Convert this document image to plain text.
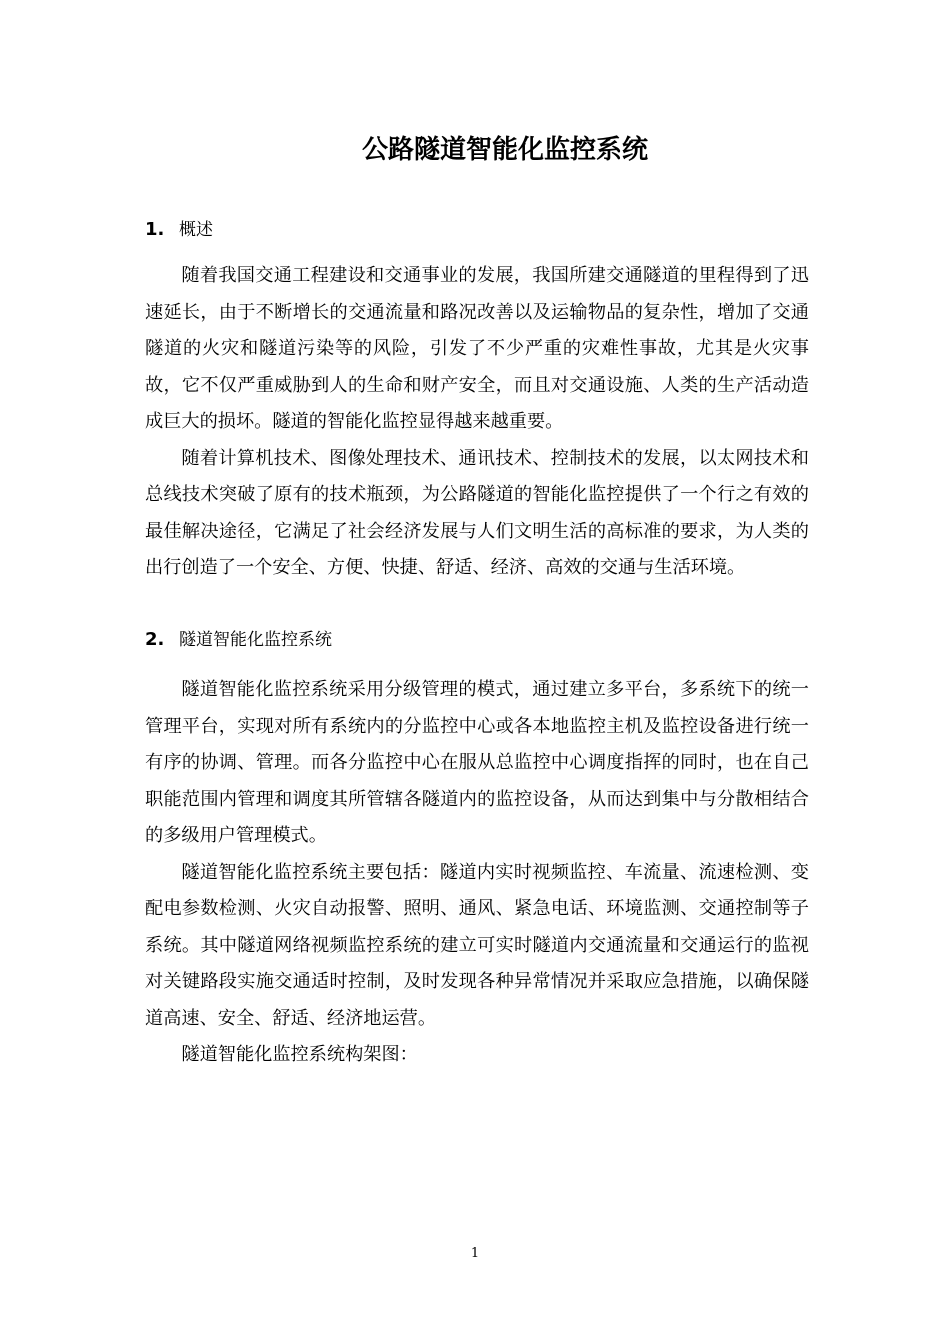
公路隧道智能化监控系统
1. 概述

随着我国交通工程建设和交通事业的发展，我国所建交通隧道的里程得到了迅速延长，由于不断增长的交通流量和路况改善以及运输物品的复杂性，增加了交通隧道的火灾和隧道污染等的风险，引发了不少严重的灾难性事故，尤其是火灾事故，它不仅严重威胁到人的生命和财产安全，而且对交通设施、人类的生产活动造成巨大的损坏。隧道的智能化监控显得越来越重要。

随着计算机技术、图像处理技术、通讯技术、控制技术的发展，以太网技术和总线技术突破了原有的技术瓶颈，为公路隧道的智能化监控提供了一个行之有效的最佳解决途径，它满足了社会经济发展与人们文明生活的高标准的要求，为人类的出行创造了一个安全、方便、快捷、舒适、经济、高效的交通与生活环境。

2. 隧道智能化监控系统

隧道智能化监控系统采用分级管理的模式，通过建立多平台，多系统下的统一管理平台，实现对所有系统内的分监控中心或各本地监控主机及监控设备进行统一有序的协调、管理。而各分监控中心在服从总监控中心调度指挥的同时，也在自己职能范围内管理和调度其所管辖各隧道内的监控设备，从而达到集中与分散相结合的多级用户管理模式。

隧道智能化监控系统主要包括：隧道内实时视频监控、车流量、流速检测、变配电参数检测、火灾自动报警、照明、通风、紧急电话、环境监测、交通控制等子系统。其中隧道网络视频监控系统的建立可实时隧道内交通流量和交通运行的监视对关键路段实施交通适时控制，及时发现各种异常情况并采取应急措施，以确保隧道高速、安全、舒适、经济地运营。

隧道智能化监控系统构架图：

1
